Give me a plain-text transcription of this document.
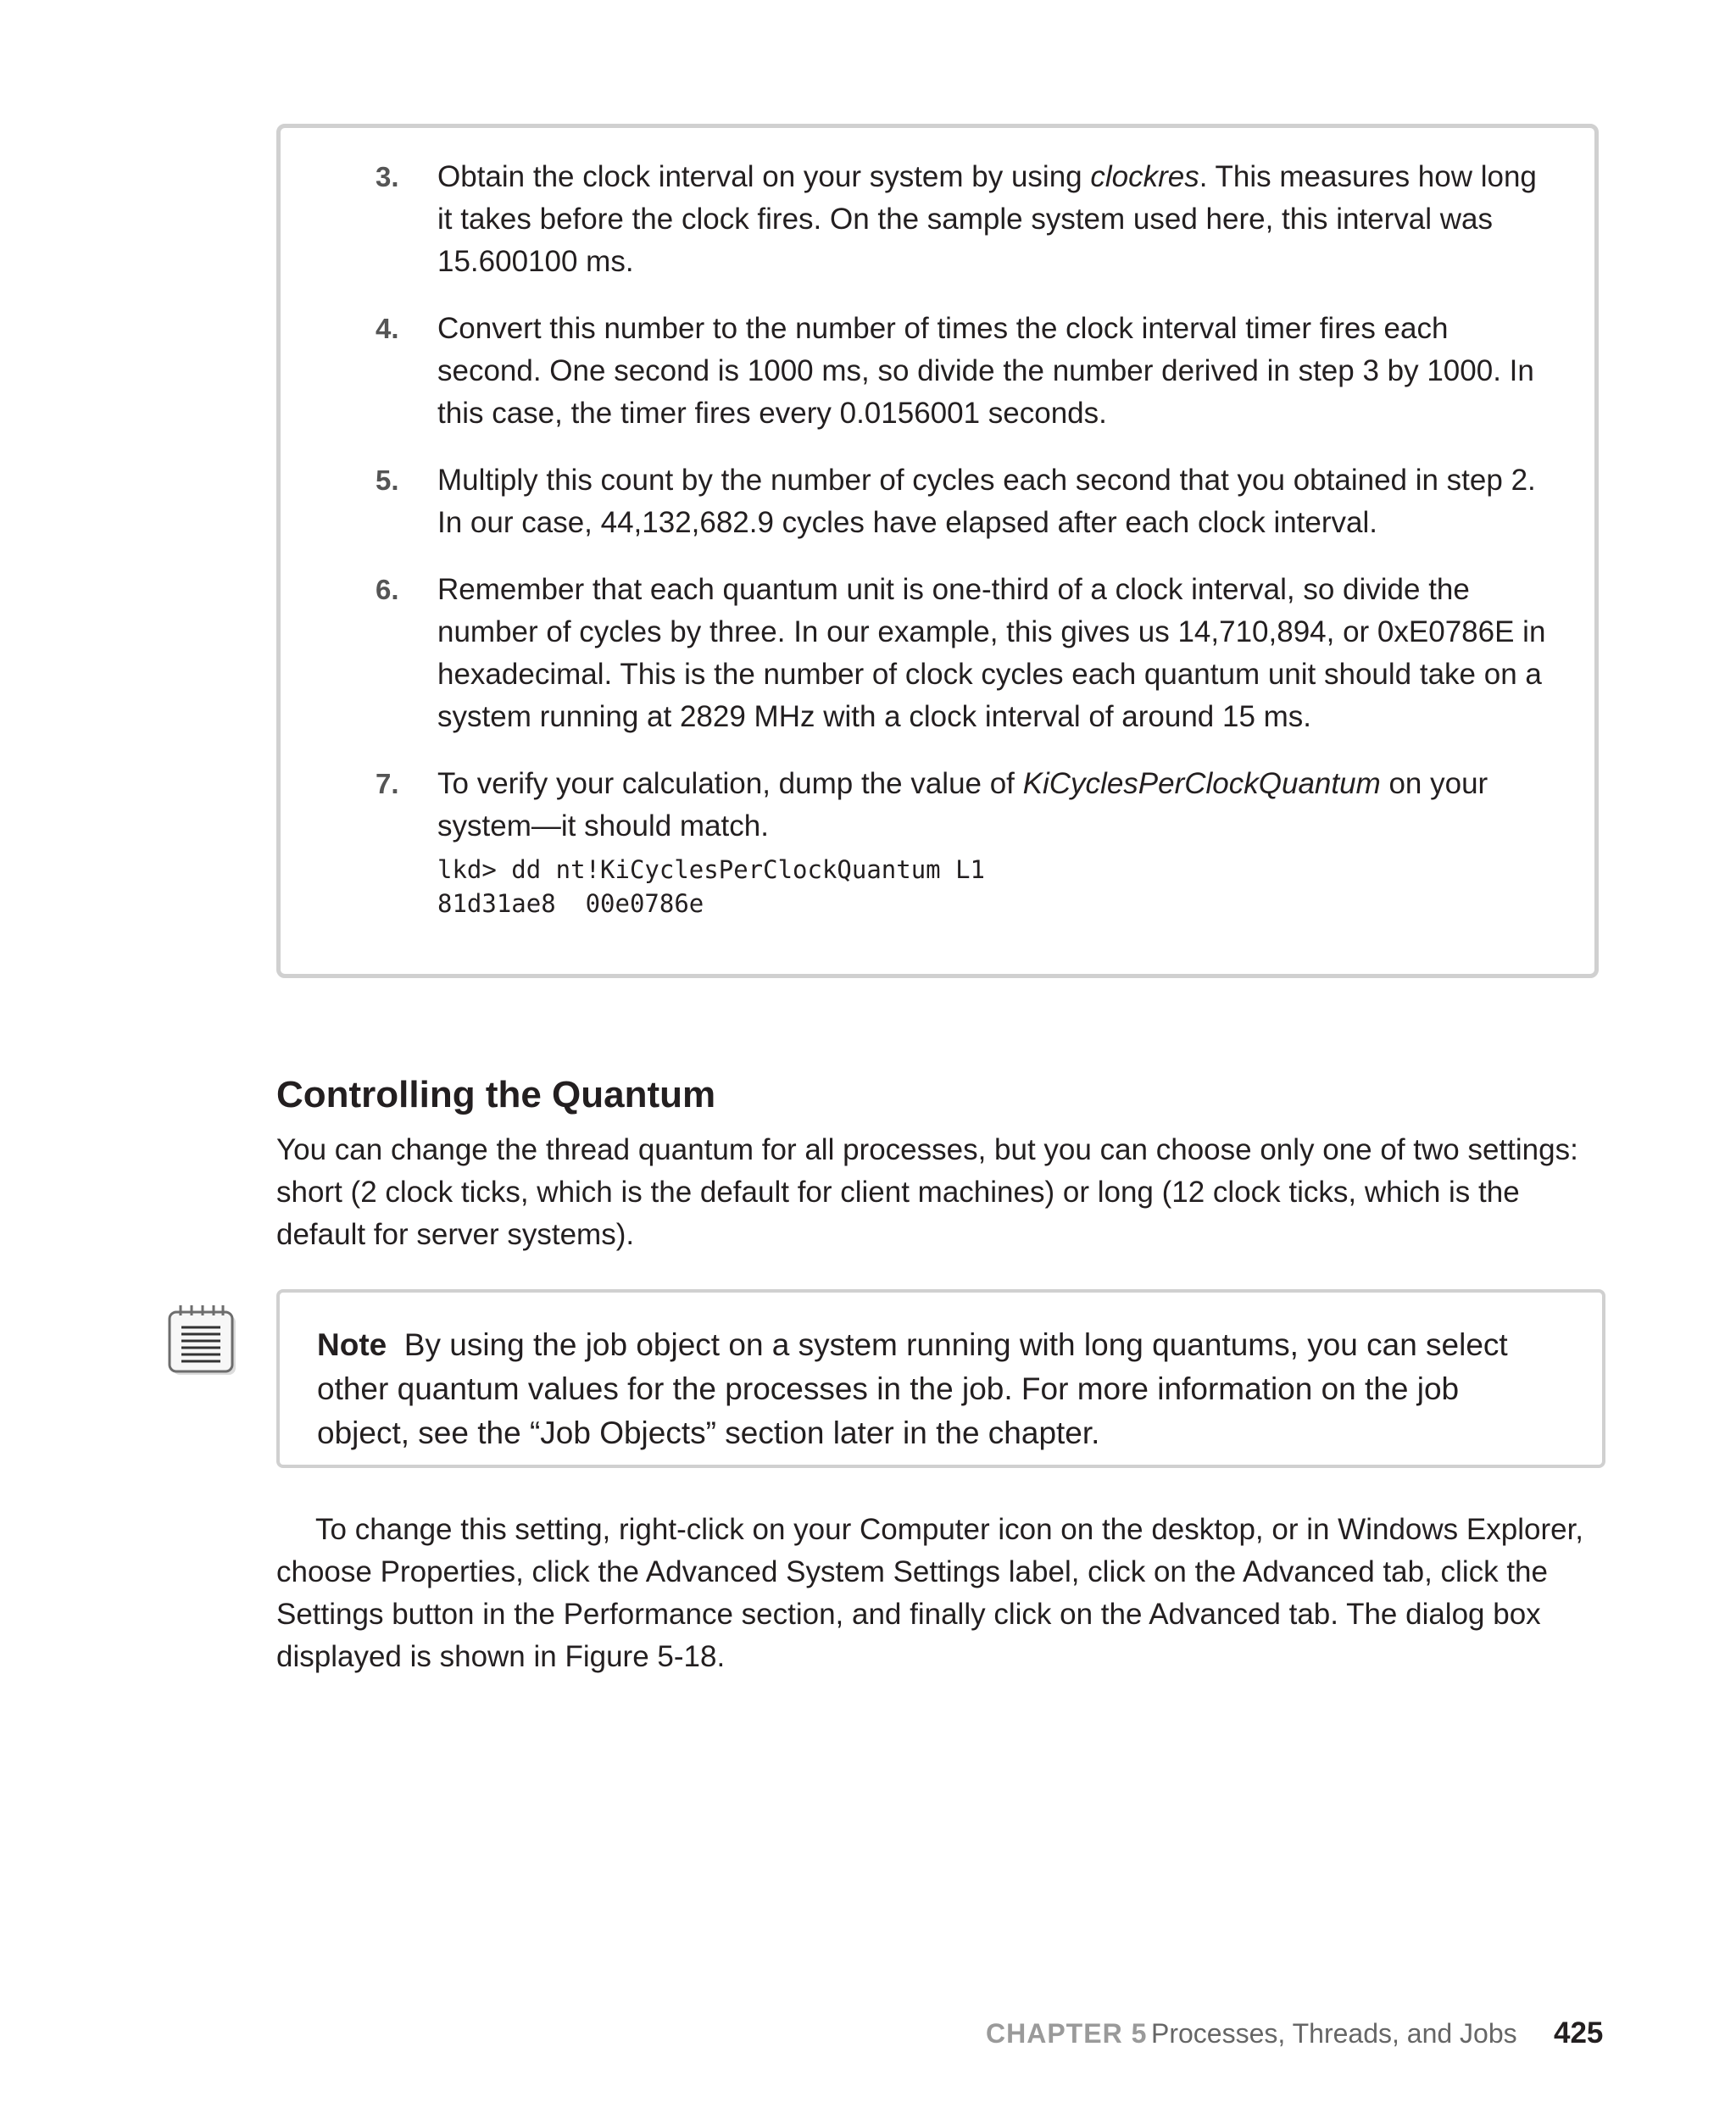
3. Obtain the clock interval on your system by using clockres. This measures how long it takes before the clock fires. On the sample system used here, this interval was 15.600100 ms.
4. Convert this number to the number of times the clock interval timer fires each second. One second is 1000 ms, so divide the number derived in step 3 by 1000. In this case, the timer fires every 0.0156001 seconds.
5. Multiply this count by the number of cycles each second that you obtained in step 2. In our case, 44,132,682.9 cycles have elapsed after each clock interval.
6. Remember that each quantum unit is one-third of a clock interval, so divide the number of cycles by three. In our example, this gives us 14,710,894, or 0xE0786E in hexadecimal. This is the number of clock cycles each quantum unit should take on a system running at 2829 MHz with a clock interval of around 15 ms.
7. To verify your calculation, dump the value of KiCyclesPerClockQuantum on your system—it should match.
lkd> dd nt!KiCyclesPerClockQuantum L1
81d31ae8  00e0786e
Controlling the Quantum

You can change the thread quantum for all processes, but you can choose only one of two settings: short (2 clock ticks, which is the default for client machines) or long (12 clock ticks, which is the default for server systems).

Note By using the job object on a system running with long quantums, you can select other quantum values for the processes in the job. For more information on the job object, see the “Job Objects” section later in the chapter.

To change this setting, right-click on your Computer icon on the desktop, or in Windows Explorer, choose Properties, click the Advanced System Settings label, click on the Advanced tab, click the Settings button in the Performance section, and finally click on the Advanced tab. The dialog box displayed is shown in Figure 5-18.

CHAPTER 5 Processes, Threads, and Jobs 425
